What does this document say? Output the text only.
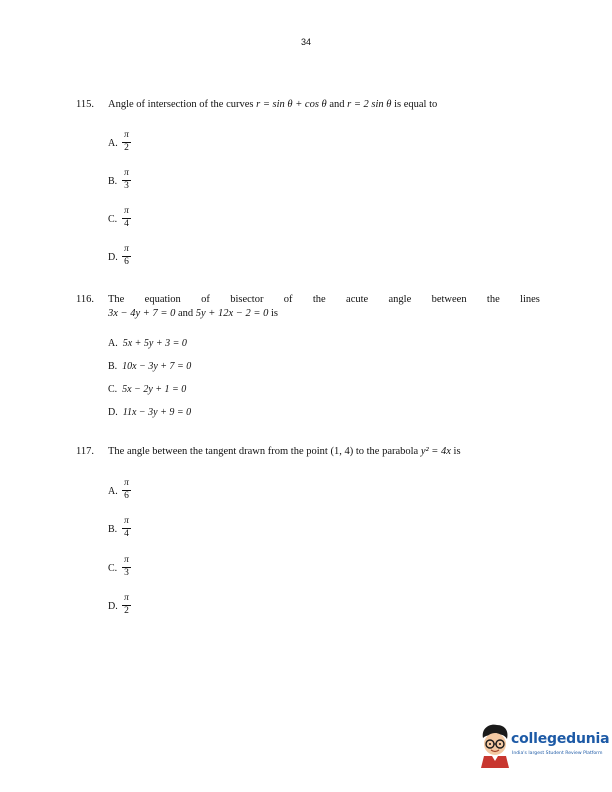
34
115. Angle of intersection of the curves r = sin θ + cos θ and r = 2 sin θ is equal to
A.
π
2
B.
π
3
C.
π
4
D.
π
6
116. The equation of bisector of the acute angle between the lines
3x − 4y + 7 = 0 and 5y + 12x − 2 = 0 is
A. 5x + 5y + 3 = 0
B. 10x − 3y + 7 = 0
C. 5x − 2y + 1 = 0
D. 11x − 3y + 9 = 0
117. The angle between the tangent drawn from the point (1, 4) to the parabola y² = 4x is
A.
π
6
B.
π
4
C.
π
3
D.
π
2
collegedunia
India's largest Student Review Platform
